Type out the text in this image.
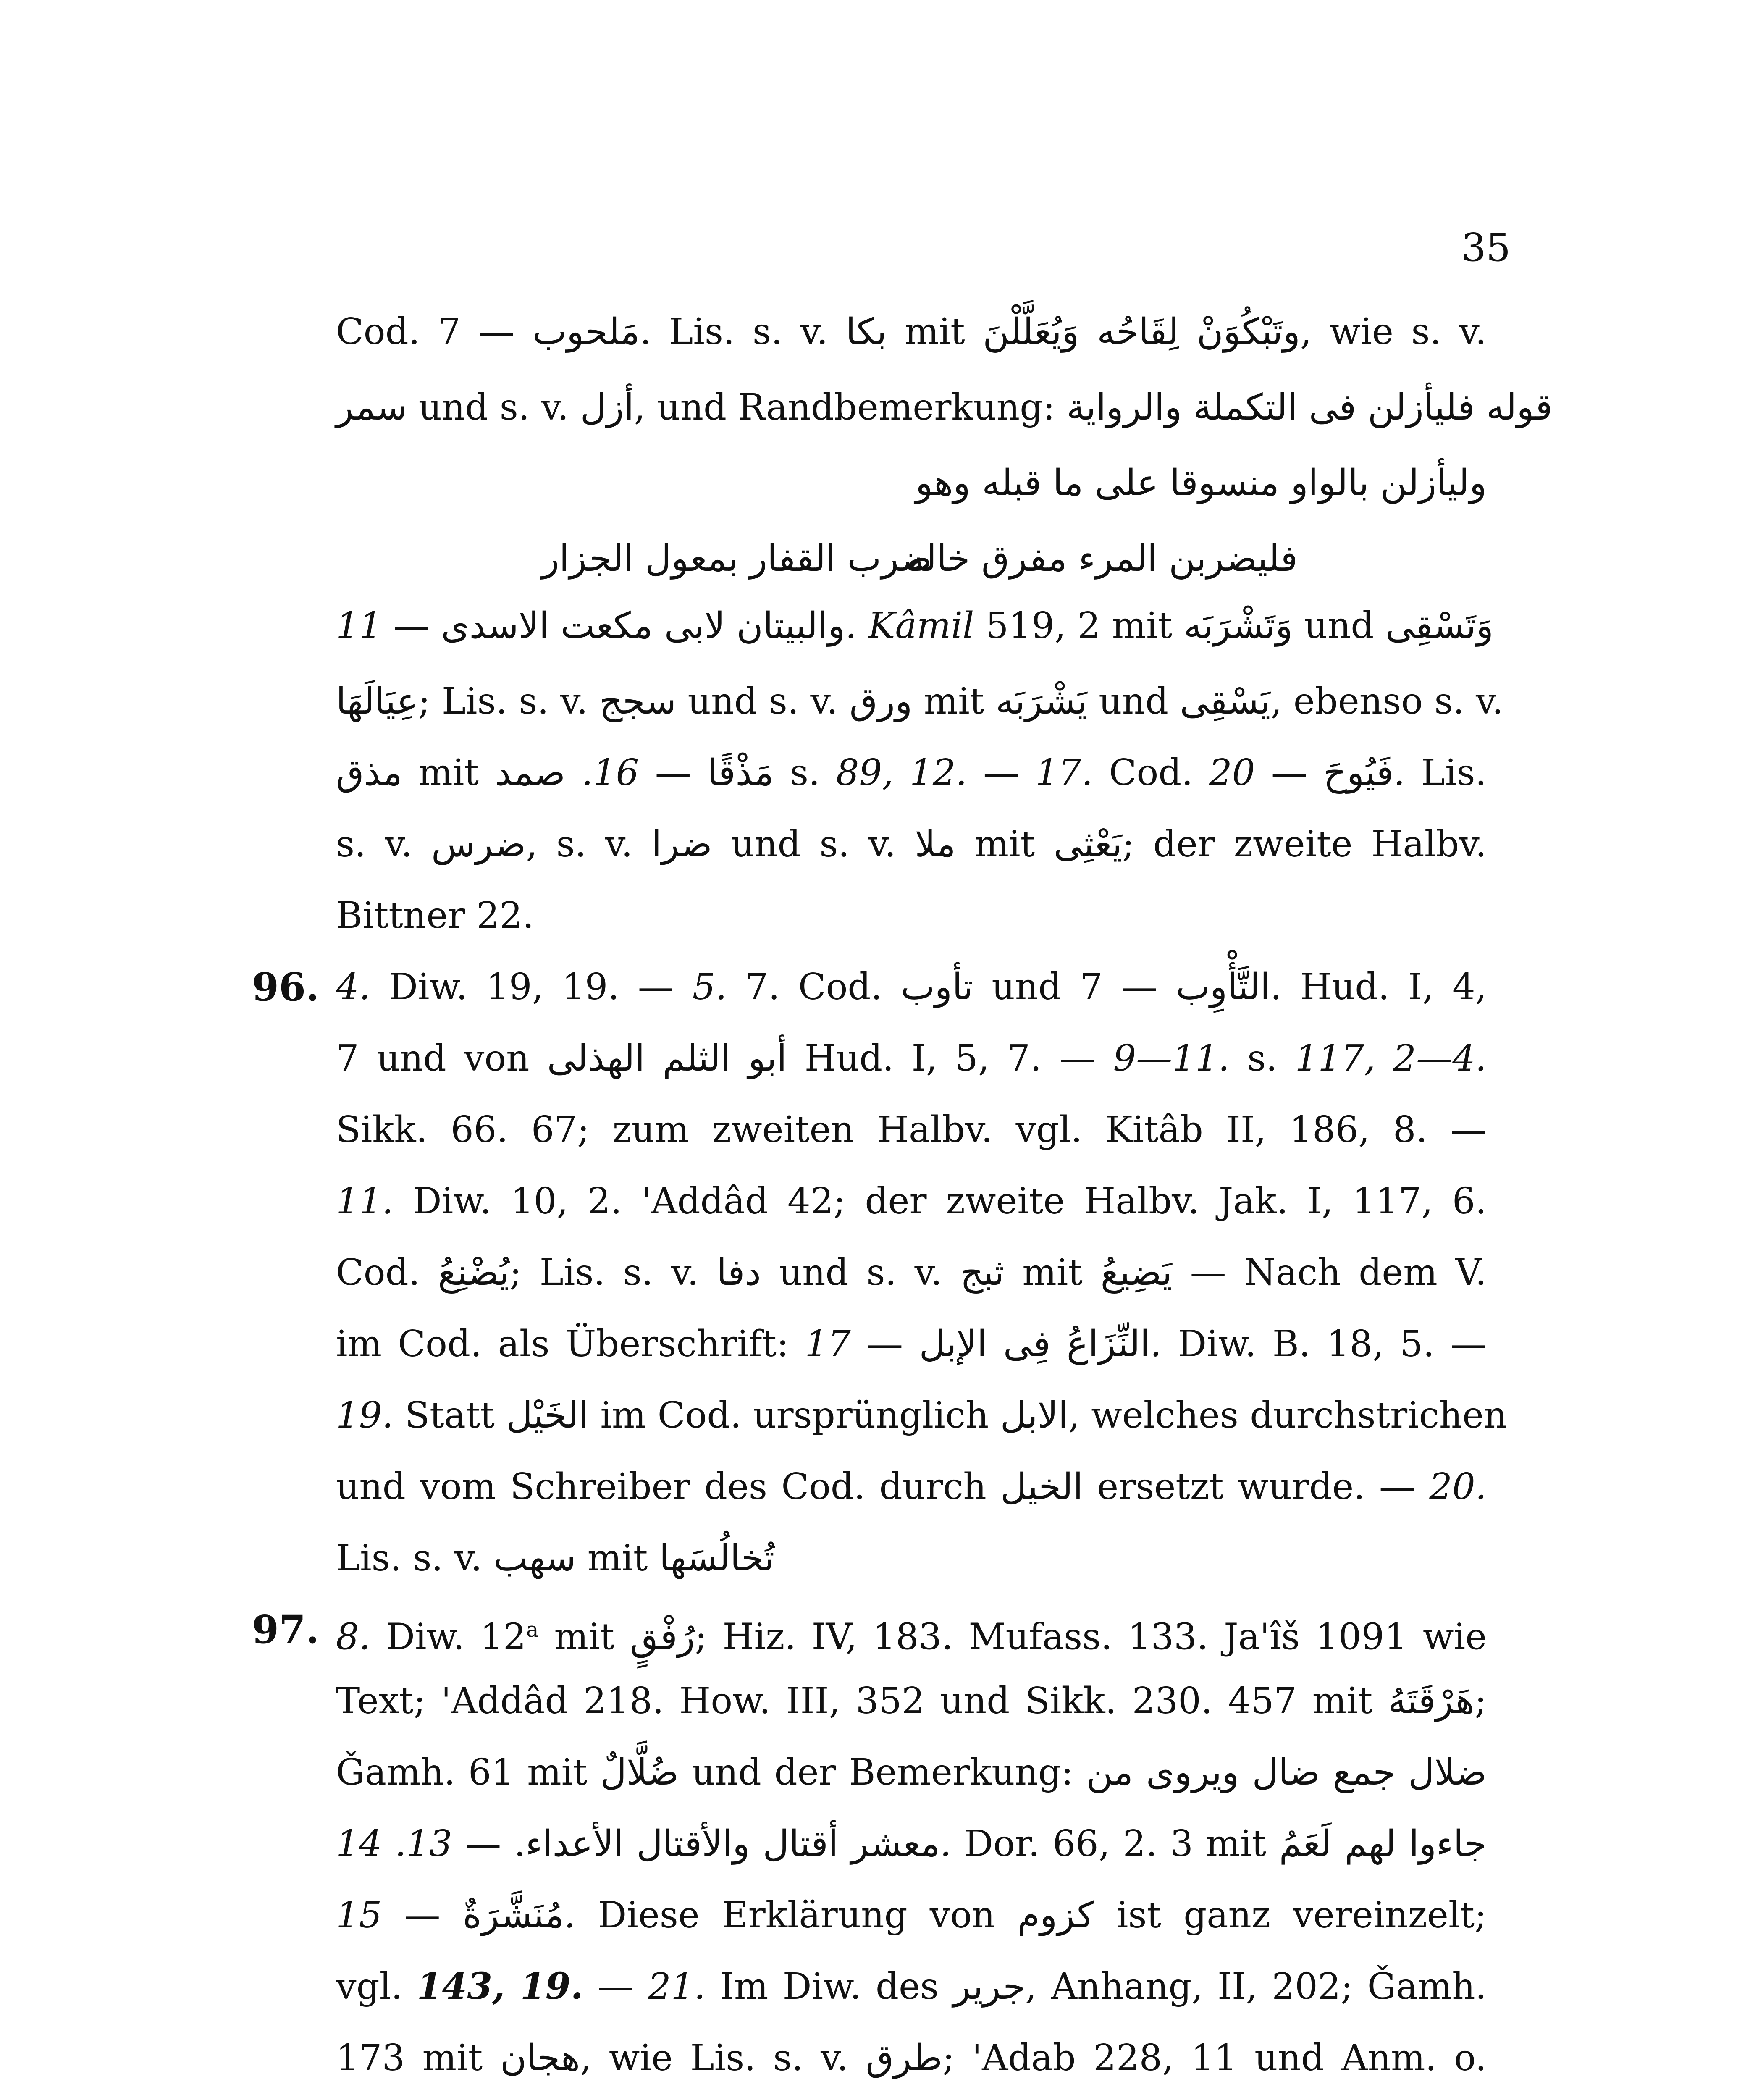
35
Cod.	مَلحوب — 7. Lis. s. v. بكا mit وتَبْكُوَنْ لِقَاحُه وَيُعَلَّلْنَ, wie s. v.
سمر und s. v. أزل, und Randbemerkung: قوله فليأزلن فى التكملة والرواية
وليأزلن بالواو منسوقا على ما قبله وهو
ضرب القفار بمعول الجزار
فليضربن المرء مفرق خاله
والبيتان لابى مكعت الاسدى — 11. Kâmil 519, 2 mit وَتَشْرَبَه und وَتَسْقِى
عِيَالَهَا; Lis. s. v. سجج und s. v. ورق mit يَشْرَبَه und يَسْقِى, ebenso s. v.
مذق mit	مَذْقًا — 16. صمد	s. 89, 12. — 17. Cod.	فَيُوحَ — 20. Lis.
s. v. ضرس, s. v. ضرا und s. v. ملا mit يَعْثِى; der zweite Halbv.
Bittner 22.
96. 4. Diw. 19, 19. — 5. 7. Cod. تأوب und	التَّأْوِب — 7. Hud. I, 4,
7 und von أبو الثلم الهذلى Hud. I, 5, 7. — 9—11. s. 117, 2—4.
Sikk. 66. 67; zum zweiten Halbv. vgl. Kitâb II, 186, 8. —
11. Diw. 10, 2. 'Addâd 42; der zweite Halbv. Jak. I, 117, 6.
Cod. يُضْنِعُ; Lis. s. v. دفا und s. v. ثبج mit يَضِيعُ — Nach dem V.
im Cod. als Überschrift:	النِّزَاعُ فِى الإبل — 17. Diw. B. 18, 5. —
19. Statt الخَيْل im Cod. ursprünglich الابل, welches durchstrichen
und vom Schreiber des Cod. durch الخيل ersetzt wurde. — 20.
Lis. s. v. سهب mit تُخالُسَها
97. 8. Diw. 12$^a$ mit رُفْقٍ; Hiz. IV, 183. Mufass. 133. Ja'îš 1091 wie
Text; 'Addâd 218. How. III, 352 und Sikk. 230. 457 mit هَرْقَتَهُ;
Ǧamh. 61 mit ضُلَّالٌ und der Bemerkung: ضلال جمع ضال ويروى من
معشر أقتال والأقتال الأعداء. — 13. 14. Dor. 66, 2. 3 mit جاءوا لهم لَعَمُ
مُنَشَّرَةٌ — 15. Diese Erklärung von كزوم ist ganz vereinzelt;
vgl. 143, 19. — 21. Im Diw. des جرير, Anhang, II, 202; Ǧamh.
173 mit هجان, wie Lis. s. v. طرق; 'Adab 228, 11 und Anm. o.
